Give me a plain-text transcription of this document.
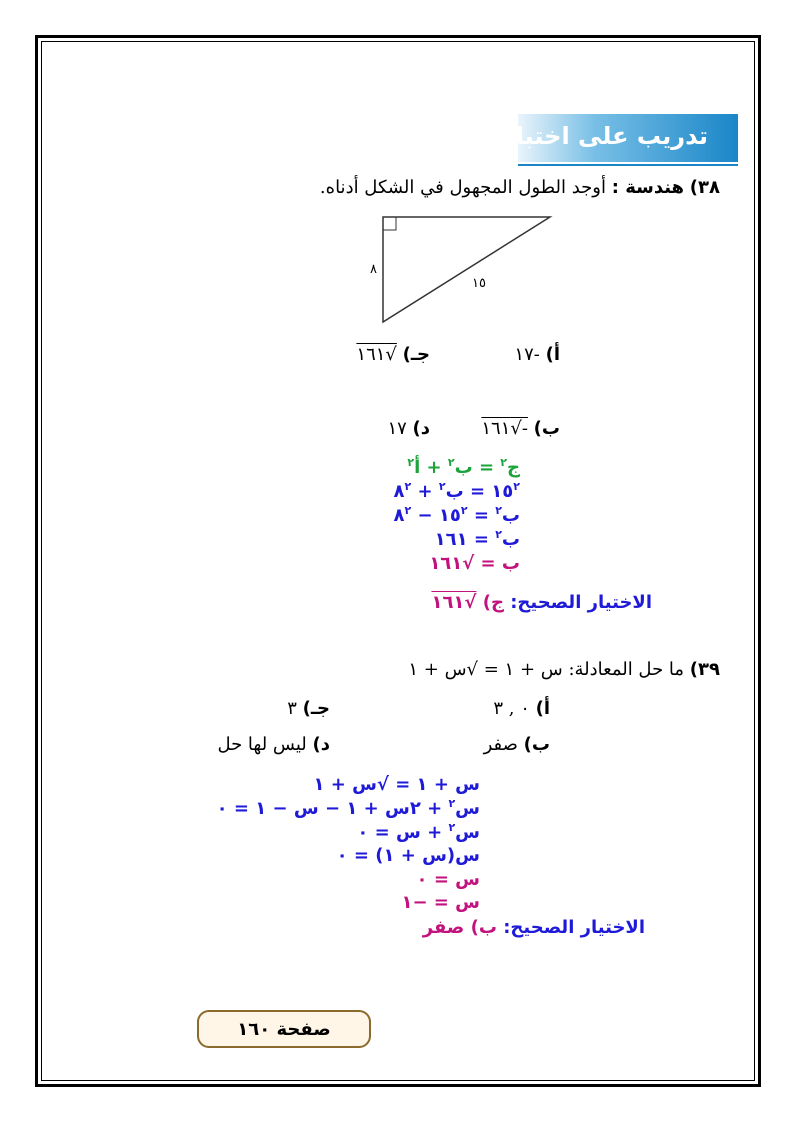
تدريب على اختبار
٣٨) هندسة : أوجد الطول المجهول في الشكل أدناه.
٨
١٥
جـ) √١٦١	أ) -١٧
د) ١٧	ب) -√١٦١
ج$^٢$ = ب$^٢$ + أ$^٢$
$١٥^٢$ = ب$^٢$ + $٨^٢$
ب$^٢$ = $١٥^٢$ − $٨^٢$
ب$^٢$ = ١٦١
ب = √١٦١
الاختيار الصحيح: ج) √١٦١
٣٩) ما حل المعادلة: س + ١ = √س + ١
جـ) ٣	أ) ٠ , ٣
د) ليس لها حل	ب) صفر
س + ١ = √س + ١
س$^٢$ + ٢س + ١ − س − ١ = ٠
س$^٢$ + س = ٠
س(س + ١) = ٠
س = ٠
س = −١
الاختيار الصحيح: ب) صفر
صفحة ١٦٠
